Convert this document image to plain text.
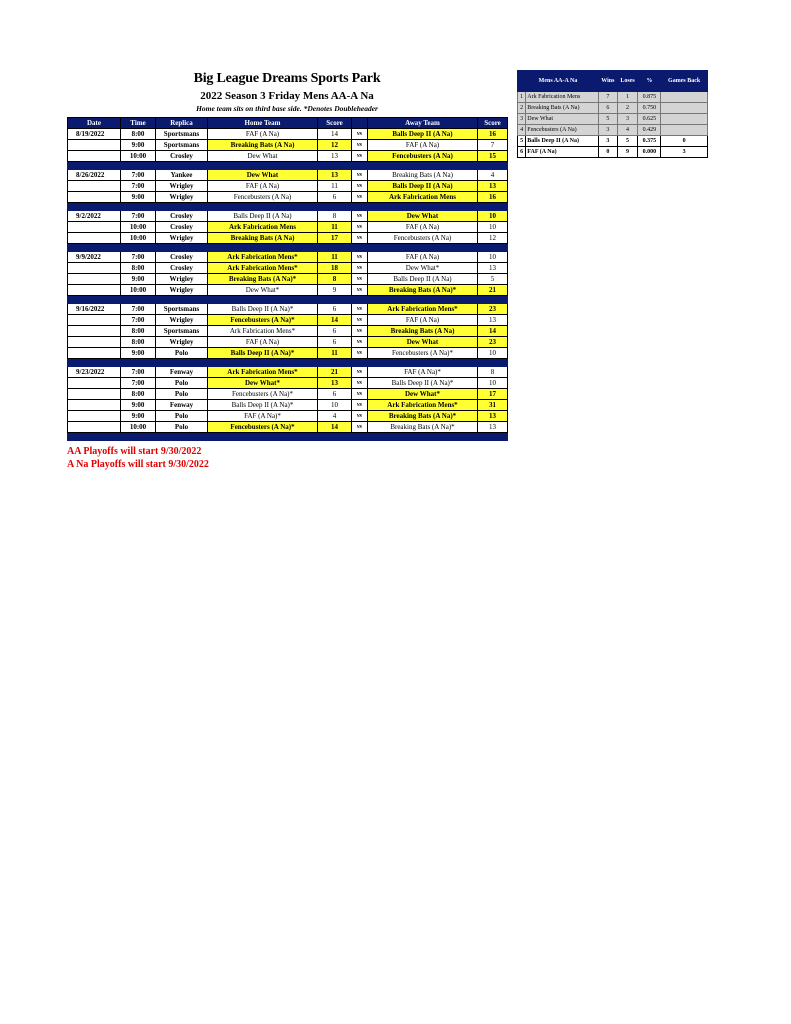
Big League Dreams Sports Park
2022 Season 3 Friday Mens AA-A Na
Home team sits on third base side. *Denotes Doubleheader
Date	Time	Replica	Home Team	Score		Away Team	Score
8/19/2022	8:00	Sportsmans	FAF (A Na)	14	vs	Balls Deep II (A Na)	16
	9:00	Sportsmans	Breaking Bats (A Na)	12	vs	FAF (A Na)	7
	10:00	Crosley	Dew What	13	vs	Fencebusters (A Na)	15

8/26/2022	7:00	Yankee	Dew What	13	vs	Breaking Bats (A Na)	4
	7:00	Wrigley	FAF (A Na)	11	vs	Balls Deep II (A Na)	13
	9:00	Wrigley	Fencebusters (A Na)	6	vs	Ark Fabrication Mens	16

9/2/2022	7:00	Crosley	Balls Deep II (A Na)	8	vs	Dew What	10
	10:00	Crosley	Ark Fabrication Mens	11	vs	FAF (A Na)	10
	10:00	Wrigley	Breaking Bats (A Na)	17	vs	Fencebusters (A Na)	12

9/9/2022	7:00	Crosley	Ark Fabrication Mens*	11	vs	FAF (A Na)	10
	8:00	Crosley	Ark Fabrication Mens*	18	vs	Dew What*	13
	9:00	Wrigley	Breaking Bats (A Na)*	8	vs	Balls Deep II (A Na)	5
	10:00	Wrigley	Dew What*	9	vs	Breaking Bats (A Na)*	21

9/16/2022	7:00	Sportsmans	Balls Deep II (A Na)*	6	vs	Ark Fabrication Mens*	23
	7:00	Wrigley	Fencebusters (A Na)*	14	vs	FAF (A Na)	13
	8:00	Sportsmans	Ark Fabrication Mens*	6	vs	Breaking Bats (A Na)	14
	8:00	Wrigley	FAF (A Na)	6	vs	Dew What	23
	9:00	Polo	Balls Deep II (A Na)*	11	vs	Fencebusters (A Na)*	10

9/23/2022	7:00	Fenway	Ark Fabrication Mens*	21	vs	FAF (A Na)*	8
	7:00	Polo	Dew What*	13	vs	Balls Deep II (A Na)*	10
	8:00	Polo	Fencebusters (A Na)*	6	vs	Dew What*	17
	9:00	Fenway	Balls Deep II (A Na)*	10	vs	Ark Fabrication Mens*	31
	9:00	Polo	FAF (A Na)*	4	vs	Breaking Bats (A Na)*	13
	10:00	Polo	Fencebusters (A Na)*	14	vs	Breaking Bats (A Na)*	13

AA Playoffs will start 9/30/2022
A Na Playoffs will start 9/30/2022
Mens AA-A Na		Wins	Loses	%	Games Back
1	Ark Fabrication Mens	7	1	0.875	
2	Breaking Bats (A Na)	6	2	0.750	
3	Dew What	5	3	0.625	
4	Fencebusters (A Na)	3	4	0.429	
5	Balls Deep II (A Na)	3	5	0.375	0
6	FAF (A Na)	0	9	0.000	3
